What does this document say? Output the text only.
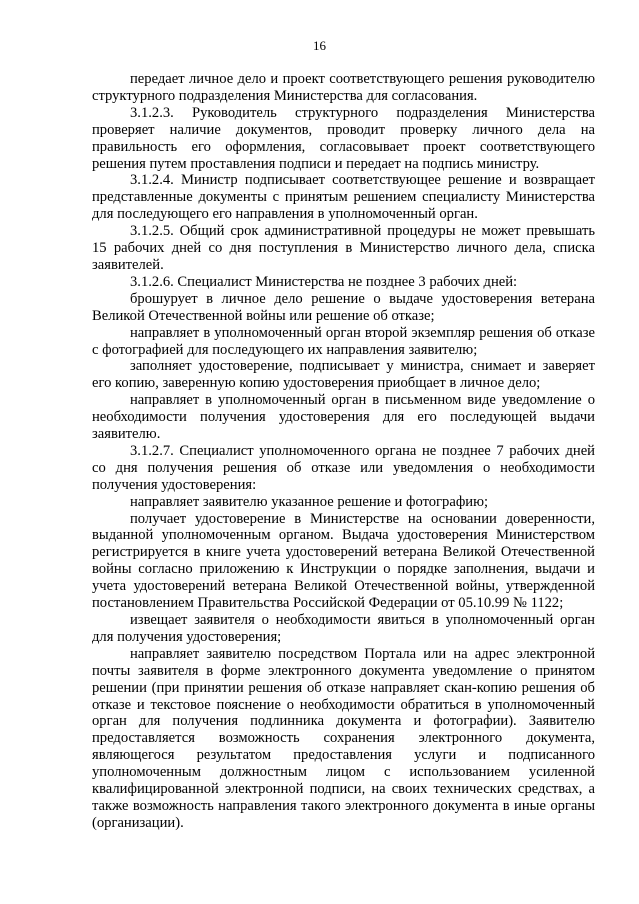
16

передает личное дело и проект соответствующего решения руководителю структурного подразделения Министерства для согласования.

3.1.2.3. Руководитель структурного подразделения Министерства проверяет наличие документов, проводит проверку личного дела на правильность его оформления, согласовывает проект соответствующего решения путем проставления подписи и передает на подпись министру.

3.1.2.4. Министр подписывает соответствующее решение и возвращает представленные документы с принятым решением специалисту Министерства для последующего его направления в уполномоченный орган.

3.1.2.5. Общий срок административной процедуры не может превышать 15 рабочих дней со дня поступления в Министерство личного дела, списка заявителей.

3.1.2.6. Специалист Министерства не позднее 3 рабочих дней:

брошурует в личное дело решение о выдаче удостоверения ветерана Великой Отечественной войны или решение об отказе;

направляет в уполномоченный орган второй экземпляр решения об отказе с фотографией для последующего их направления заявителю;

заполняет удостоверение, подписывает у министра, снимает и заверяет его копию, заверенную копию удостоверения приобщает в личное дело;

направляет в уполномоченный орган в письменном виде уведомление о необходимости получения удостоверения для его последующей выдачи заявителю.

3.1.2.7. Специалист уполномоченного органа не позднее 7 рабочих дней со дня получения решения об отказе или уведомления о необходимости получения удостоверения:

направляет заявителю указанное решение и фотографию;

получает удостоверение в Министерстве на основании доверенности, выданной уполномоченным органом. Выдача удостоверения Министерством регистрируется в книге учета удостоверений ветерана Великой Отечественной войны согласно приложению к Инструкции о порядке заполнения, выдачи и учета удостоверений ветерана Великой Отечественной войны, утвержденной постановлением Правительства Российской Федерации от 05.10.99 № 1122;

извещает заявителя о необходимости явиться в уполномоченный орган для получения удостоверения;

направляет заявителю посредством Портала или на адрес электронной почты заявителя в форме электронного документа уведомление о принятом решении (при принятии решения об отказе направляет скан-копию решения об отказе и текстовое пояснение о необходимости обратиться в уполномоченный орган для получения подлинника документа и фотографии). Заявителю предоставляется возможность сохранения электронного документа, являющегося результатом предоставления услуги и подписанного уполномоченным должностным лицом с использованием усиленной квалифицированной электронной подписи, на своих технических средствах, а также возможность направления такого электронного документа в иные органы (организации).
